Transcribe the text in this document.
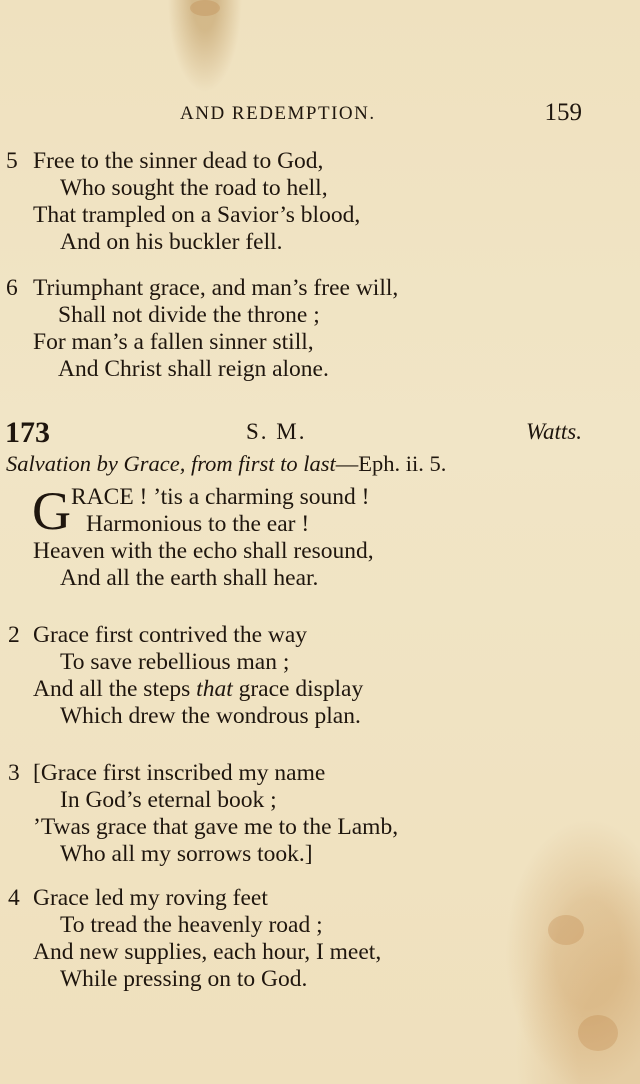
AND REDEMPTION.	159
5 Free to the sinner dead to God,
Who sought the road to hell,
That trampled on a Savior’s blood,
And on his buckler fell.
6 Triumphant grace, and man’s free will,
Shall not divide the throne ;
For man’s a fallen sinner still,
And Christ shall reign alone.
173	S. M.	Watts.
Salvation by Grace, from first to last—Eph. ii. 5.
G RACE ! ’tis a charming sound !
Harmonious to the ear !
Heaven with the echo shall resound,
And all the earth shall hear.
2 Grace first contrived the way
To save rebellious man ;
And all the steps that grace display
Which drew the wondrous plan.
3 [Grace first inscribed my name
In God’s eternal book ;
’Twas grace that gave me to the Lamb,
Who all my sorrows took.]
4 Grace led my roving feet
To tread the heavenly road ;
And new supplies, each hour, I meet,
While pressing on to God.
